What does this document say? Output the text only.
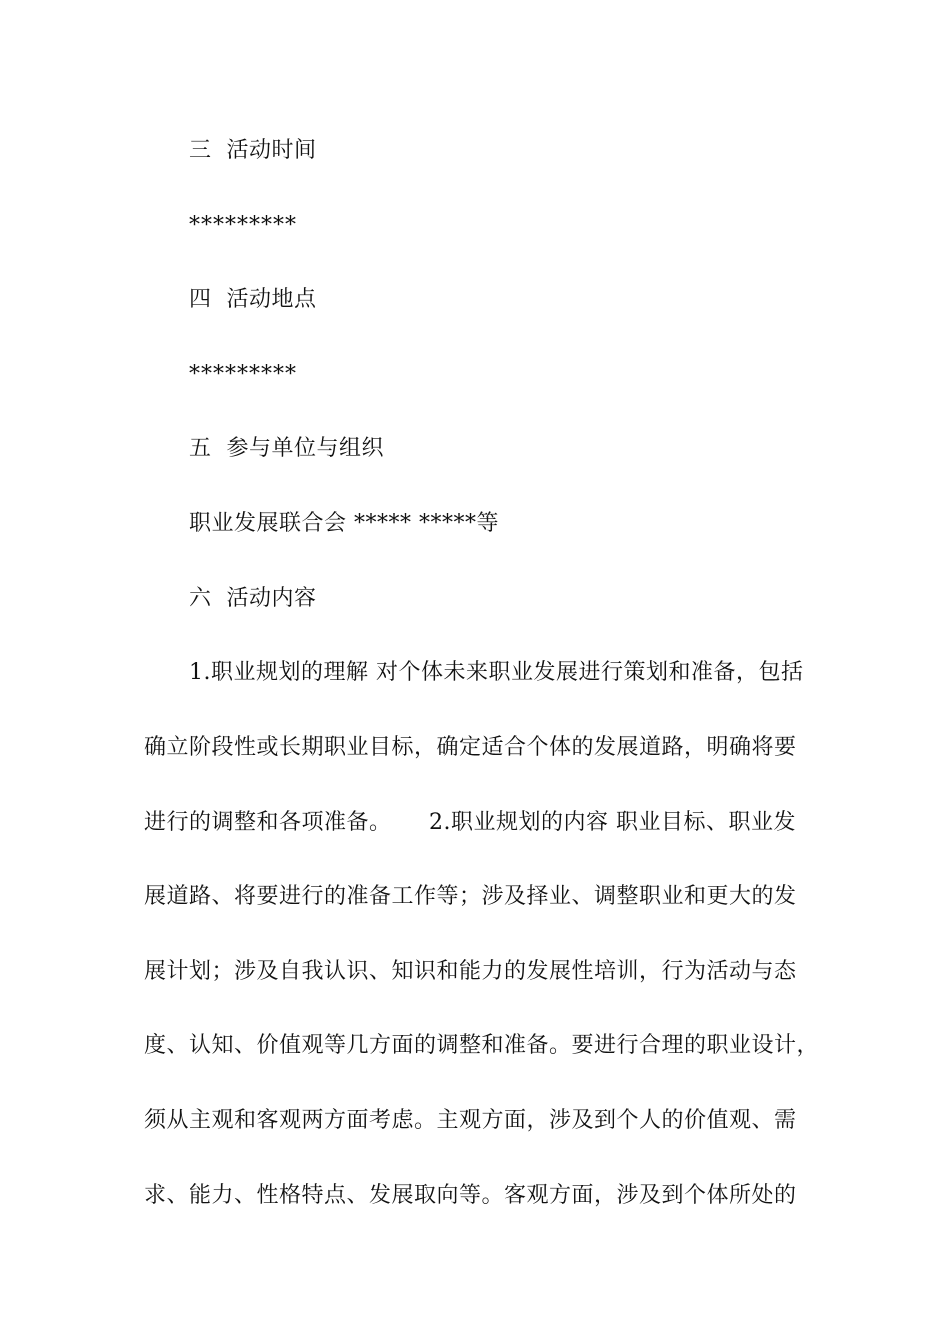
三  活动时间
*********
四  活动地点
*********
五  参与单位与组织
职业发展联合会 ***** *****等
六  活动内容
1.职业规划的理解 对个体未来职业发展进行策划和准备，包括
确立阶段性或长期职业目标，确定适合个体的发展道路，明确将要
进行的调整和各项准备。     2.职业规划的内容 职业目标、职业发
展道路、将要进行的准备工作等；涉及择业、调整职业和更大的发
展计划；涉及自我认识、知识和能力的发展性培训，行为活动与态
度、认知、价值观等几方面的调整和准备。要进行合理的职业设计，
须从主观和客观两方面考虑。主观方面，涉及到个人的价值观、需
求、能力、性格特点、发展取向等。客观方面，涉及到个体所处的
